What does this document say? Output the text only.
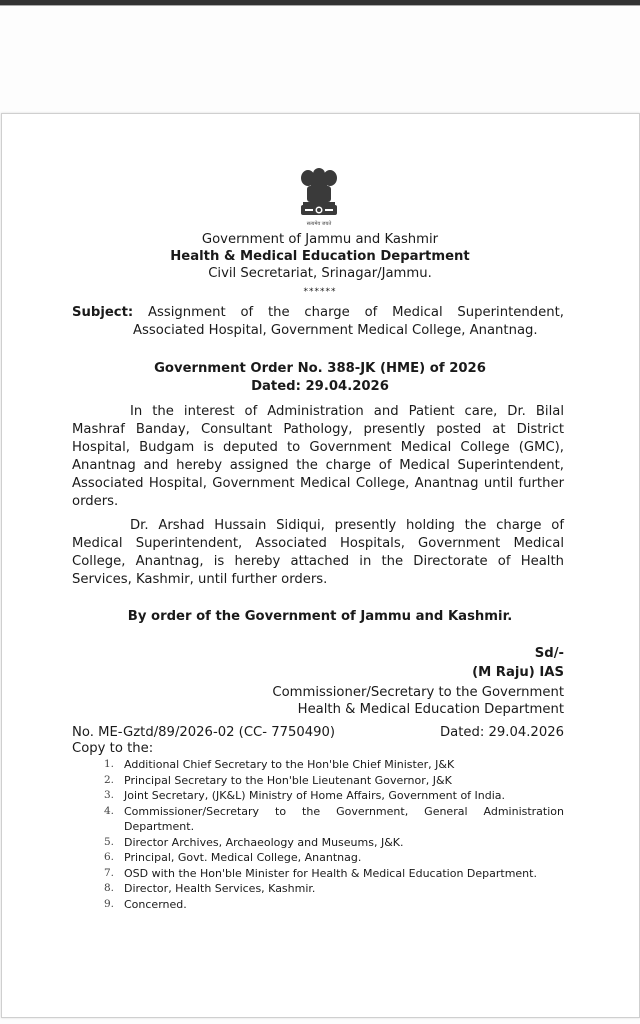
सत्यमेव जयते
Government of Jammu and Kashmir
Health & Medical Education Department
Civil Secretariat, Srinagar/Jammu.
******
Subject: Assignment of the charge of Medical Superintendent,
Associated Hospital, Government Medical College, Anantnag.
Government Order No. 388-JK (HME) of 2026
Dated: 29.04.2026
In the interest of Administration and Patient care, Dr. Bilal Mashraf Banday, Consultant Pathology, presently posted at District Hospital, Budgam is deputed to Government Medical College (GMC), Anantnag and hereby assigned the charge of Medical Superintendent, Associated Hospital, Government Medical College, Anantnag until further orders.
Dr. Arshad Hussain Sidiqui, presently holding the charge of Medical Superintendent, Associated Hospitals, Government Medical College, Anantnag, is hereby attached in the Directorate of Health Services, Kashmir, until further orders.
By order of the Government of Jammu and Kashmir.
Sd/-
(M Raju) IAS
Commissioner/Secretary to the Government
Health & Medical Education Department
No. ME-Gztd/89/2026-02 (CC- 7750490)	Dated: 29.04.2026
Copy to the:
1. Additional Chief Secretary to the Hon'ble Chief Minister, J&K
2. Principal Secretary to the Hon'ble Lieutenant Governor, J&K
3. Joint Secretary, (JK&L) Ministry of Home Affairs, Government of India.
4. Commissioner/Secretary to the Government, General Administration Department.
5. Director Archives, Archaeology and Museums, J&K.
6. Principal, Govt. Medical College, Anantnag.
7. OSD with the Hon'ble Minister for Health & Medical Education Department.
8. Director, Health Services, Kashmir.
9. Concerned.
